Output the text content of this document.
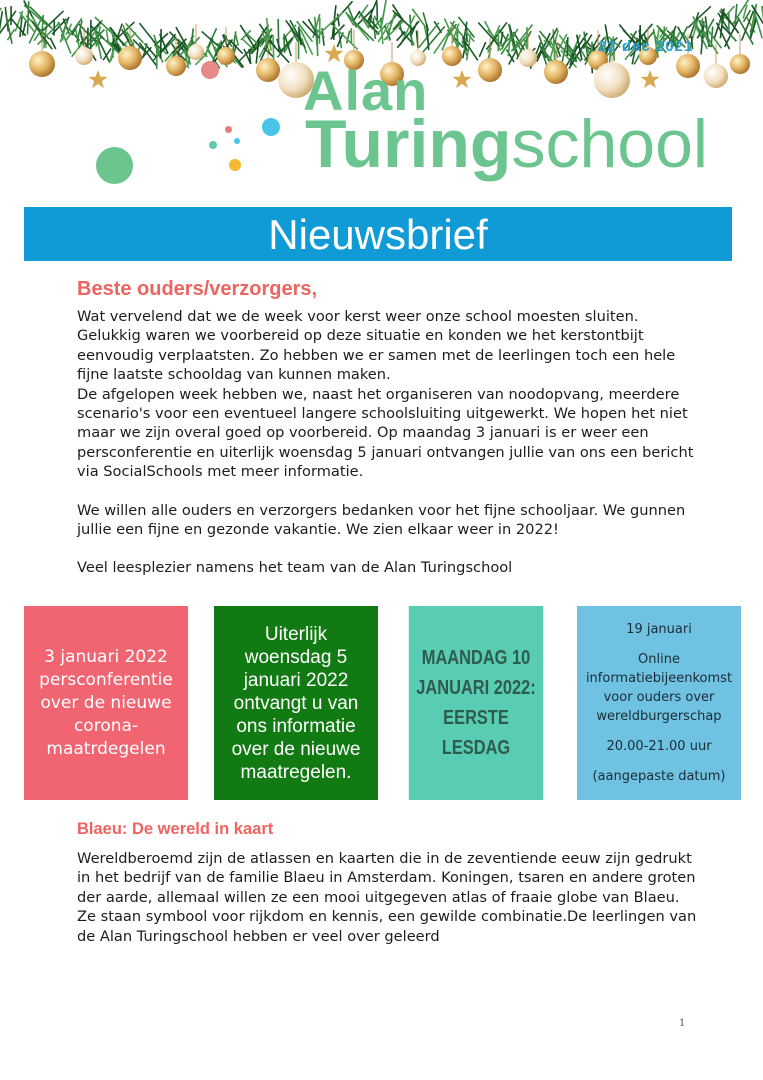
22 dec 2021
Alan
Turingschool
Nieuwsbrief

Beste ouders/verzorgers,

Wat vervelend dat we de week voor kerst weer onze school moesten sluiten. Gelukkig waren we voorbereid op deze situatie en konden we het kerstontbijt eenvoudig verplaatsten. Zo hebben we er samen met de leerlingen toch een hele fijne laatste schooldag van kunnen maken.

De afgelopen week hebben we, naast het organiseren van noodopvang, meerdere scenario's voor een eventueel langere schoolsluiting uitgewerkt. We hopen het niet maar we zijn overal goed op voorbereid. Op maandag 3 januari is er weer een persconferentie en uiterlijk woensdag 5 januari ontvangen jullie van ons een bericht via SocialSchools met meer informatie.

We willen alle ouders en verzorgers bedanken voor het fijne schooljaar. We gunnen jullie een fijne en gezonde vakantie. We zien elkaar weer in 2022!

Veel leesplezier namens het team van de Alan Turingschool

3 januari 2022 persconferentie over de nieuwe corona-maatrdegelen
Uiterlijk woensdag 5 januari 2022 ontvangt u van ons informatie over de nieuwe maatregelen.
MAANDAG 10 JANUARI 2022: EERSTE LESDAG

19 januari

Online informatiebijeenkomst voor ouders over wereldburgerschap

20.00-21.00 uur

(aangepaste datum)

Blaeu: De wereld in kaart

Wereldberoemd zijn de atlassen en kaarten die in de zeventiende eeuw zijn gedrukt in het bedrijf van de familie Blaeu in Amsterdam. Koningen, tsaren en andere groten der aarde, allemaal willen ze een mooi uitgegeven atlas of fraaie globe van Blaeu. Ze staan symbool voor rijkdom en kennis, een gewilde combinatie.De leerlingen van de Alan Turingschool hebben er veel over geleerd

1
